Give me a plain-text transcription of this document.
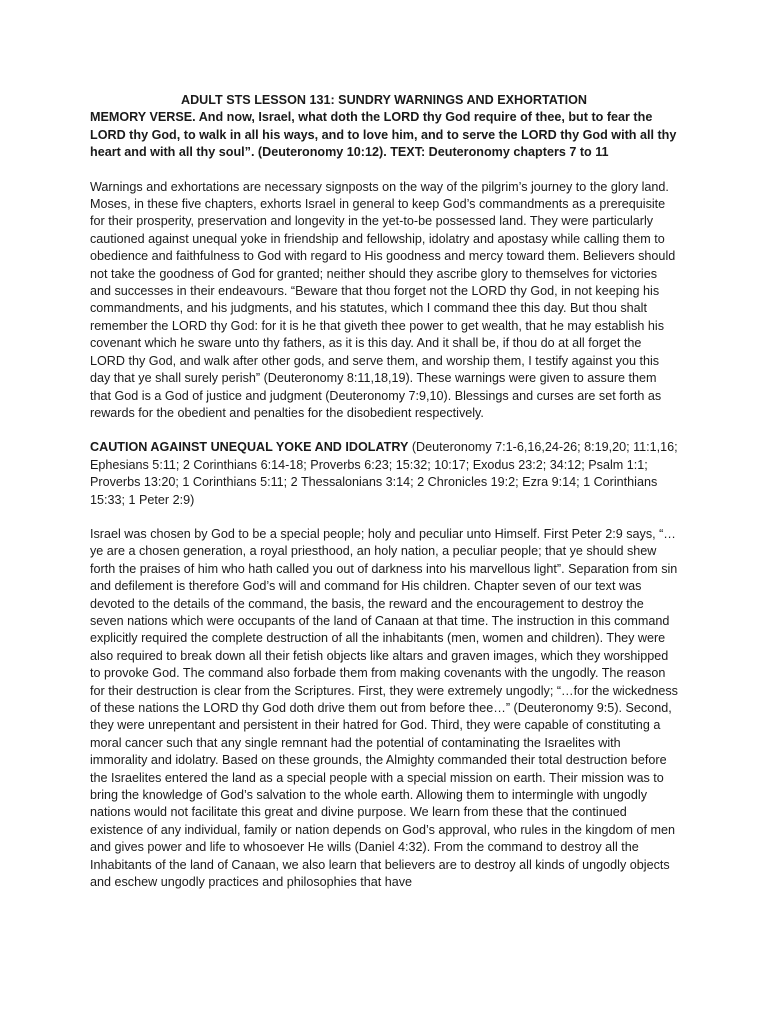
ADULT STS LESSON 131: SUNDRY WARNINGS AND EXHORTATION

MEMORY VERSE. And now, Israel, what doth the LORD thy God require of thee, but to fear the LORD thy God, to walk in all his ways, and to love him, and to serve the LORD thy God with all thy heart and with all thy soul”. (Deuteronomy 10:12). TEXT: Deuteronomy chapters 7 to 11

Warnings and exhortations are necessary signposts on the way of the pilgrim’s journey to the glory land. Moses, in these five chapters, exhorts Israel in general to keep God’s commandments as a prerequisite for their prosperity, preservation and longevity in the yet-to-be possessed land. They were particularly cautioned against unequal yoke in friendship and fellowship, idolatry and apostasy while calling them to obedience and faithfulness to God with regard to His goodness and mercy toward them. Believers should not take the goodness of God for granted; neither should they ascribe glory to themselves for victories and successes in their endeavours. “Beware that thou forget not the LORD thy God, in not keeping his commandments, and his judgments, and his statutes, which I command thee this day. But thou shalt remember the LORD thy God: for it is he that giveth thee power to get wealth, that he may establish his covenant which he sware unto thy fathers, as it is this day. And it shall be, if thou do at all forget the LORD thy God, and walk after other gods, and serve them, and worship them, I testify against you this day that ye shall surely perish” (Deuteronomy 8:11,18,19). These warnings were given to assure them that God is a God of justice and judgment (Deuteronomy 7:9,10). Blessings and curses are set forth as rewards for the obedient and penalties for the disobedient respectively.

CAUTION AGAINST UNEQUAL YOKE AND IDOLATRY (Deuteronomy 7:1-6,16,24-26; 8:19,20; 11:1,16; Ephesians 5:11; 2 Corinthians 6:14-18; Proverbs 6:23; 15:32; 10:17; Exodus 23:2; 34:12; Psalm 1:1; Proverbs 13:20; 1 Corinthians 5:11; 2 Thessalonians 3:14; 2 Chronicles 19:2; Ezra 9:14; 1 Corinthians 15:33; 1 Peter 2:9)

Israel was chosen by God to be a special people; holy and peculiar unto Himself. First Peter 2:9 says, “…ye are a chosen generation, a royal priesthood, an holy nation, a peculiar people; that ye should shew forth the praises of him who hath called you out of darkness into his marvellous light”. Separation from sin and defilement is therefore God’s will and command for His children. Chapter seven of our text was devoted to the details of the command, the basis, the reward and the encouragement to destroy the seven nations which were occupants of the land of Canaan at that time. The instruction in this command explicitly required the complete destruction of all the inhabitants (men, women and children). They were also required to break down all their fetish objects like altars and graven images, which they worshipped to provoke God. The command also forbade them from making covenants with the ungodly. The reason for their destruction is clear from the Scriptures. First, they were extremely ungodly; “…for the wickedness of these nations the LORD thy God doth drive them out from before thee…” (Deuteronomy 9:5). Second, they were unrepentant and persistent in their hatred for God. Third, they were capable of constituting a moral cancer such that any single remnant had the potential of contaminating the Israelites with immorality and idolatry. Based on these grounds, the Almighty commanded their total destruction before the Israelites entered the land as a special people with a special mission on earth. Their mission was to bring the knowledge of God’s salvation to the whole earth. Allowing them to intermingle with ungodly nations would not facilitate this great and divine purpose. We learn from these that the continued existence of any individual, family or nation depends on God’s approval, who rules in the kingdom of men and gives power and life to whosoever He wills (Daniel 4:32). From the command to destroy all the Inhabitants of the land of Canaan, we also learn that believers are to destroy all kinds of ungodly objects and eschew ungodly practices and philosophies that have
